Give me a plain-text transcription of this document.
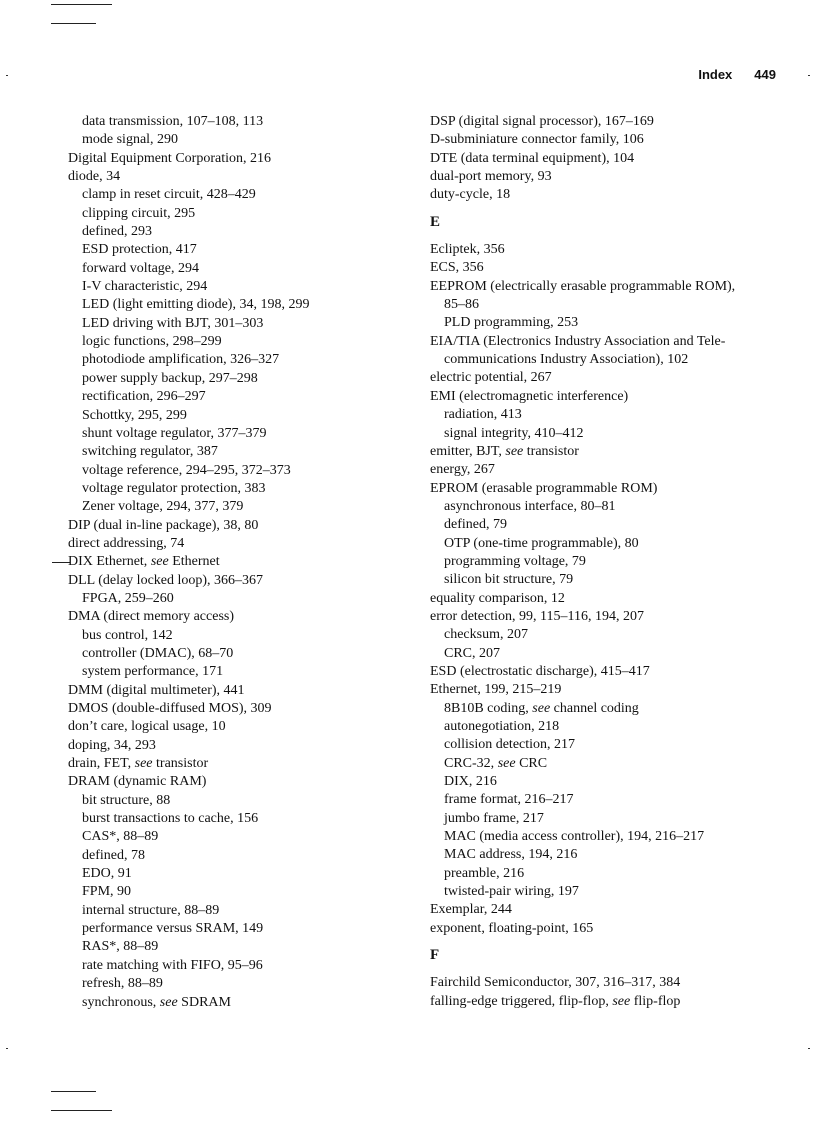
Index 449
data transmission, 107–108, 113
mode signal, 290
Digital Equipment Corporation, 216
diode, 34
clamp in reset circuit, 428–429
clipping circuit, 295
defined, 293
ESD protection, 417
forward voltage, 294
I-V characteristic, 294
LED (light emitting diode), 34, 198, 299
LED driving with BJT, 301–303
logic functions, 298–299
photodiode amplification, 326–327
power supply backup, 297–298
rectification, 296–297
Schottky, 295, 299
shunt voltage regulator, 377–379
switching regulator, 387
voltage reference, 294–295, 372–373
voltage regulator protection, 383
Zener voltage, 294, 377, 379
DIP (dual in-line package), 38, 80
direct addressing, 74
DIX Ethernet, see Ethernet
DLL (delay locked loop), 366–367
FPGA, 259–260
DMA (direct memory access)
bus control, 142
controller (DMAC), 68–70
system performance, 171
DMM (digital multimeter), 441
DMOS (double-diffused MOS), 309
don’t care, logical usage, 10
doping, 34, 293
drain, FET, see transistor
DRAM (dynamic RAM)
bit structure, 88
burst transactions to cache, 156
CAS*, 88–89
defined, 78
EDO, 91
FPM, 90
internal structure, 88–89
performance versus SRAM, 149
RAS*, 88–89
rate matching with FIFO, 95–96
refresh, 88–89
synchronous, see SDRAM
DSP (digital signal processor), 167–169
D-subminiature connector family, 106
DTE (data terminal equipment), 104
dual-port memory, 93
duty-cycle, 18
E
Ecliptek, 356
ECS, 356
EEPROM (electrically erasable programmable ROM),
85–86
PLD programming, 253
EIA/TIA (Electronics Industry Association and Tele-
communications Industry Association), 102
electric potential, 267
EMI (electromagnetic interference)
radiation, 413
signal integrity, 410–412
emitter, BJT, see transistor
energy, 267
EPROM (erasable programmable ROM)
asynchronous interface, 80–81
defined, 79
OTP (one-time programmable), 80
programming voltage, 79
silicon bit structure, 79
equality comparison, 12
error detection, 99, 115–116, 194, 207
checksum, 207
CRC, 207
ESD (electrostatic discharge), 415–417
Ethernet, 199, 215–219
8B10B coding, see channel coding
autonegotiation, 218
collision detection, 217
CRC-32, see CRC
DIX, 216
frame format, 216–217
jumbo frame, 217
MAC (media access controller), 194, 216–217
MAC address, 194, 216
preamble, 216
twisted-pair wiring, 197
Exemplar, 244
exponent, floating-point, 165
F
Fairchild Semiconductor, 307, 316–317, 384
falling-edge triggered, flip-flop, see flip-flop
